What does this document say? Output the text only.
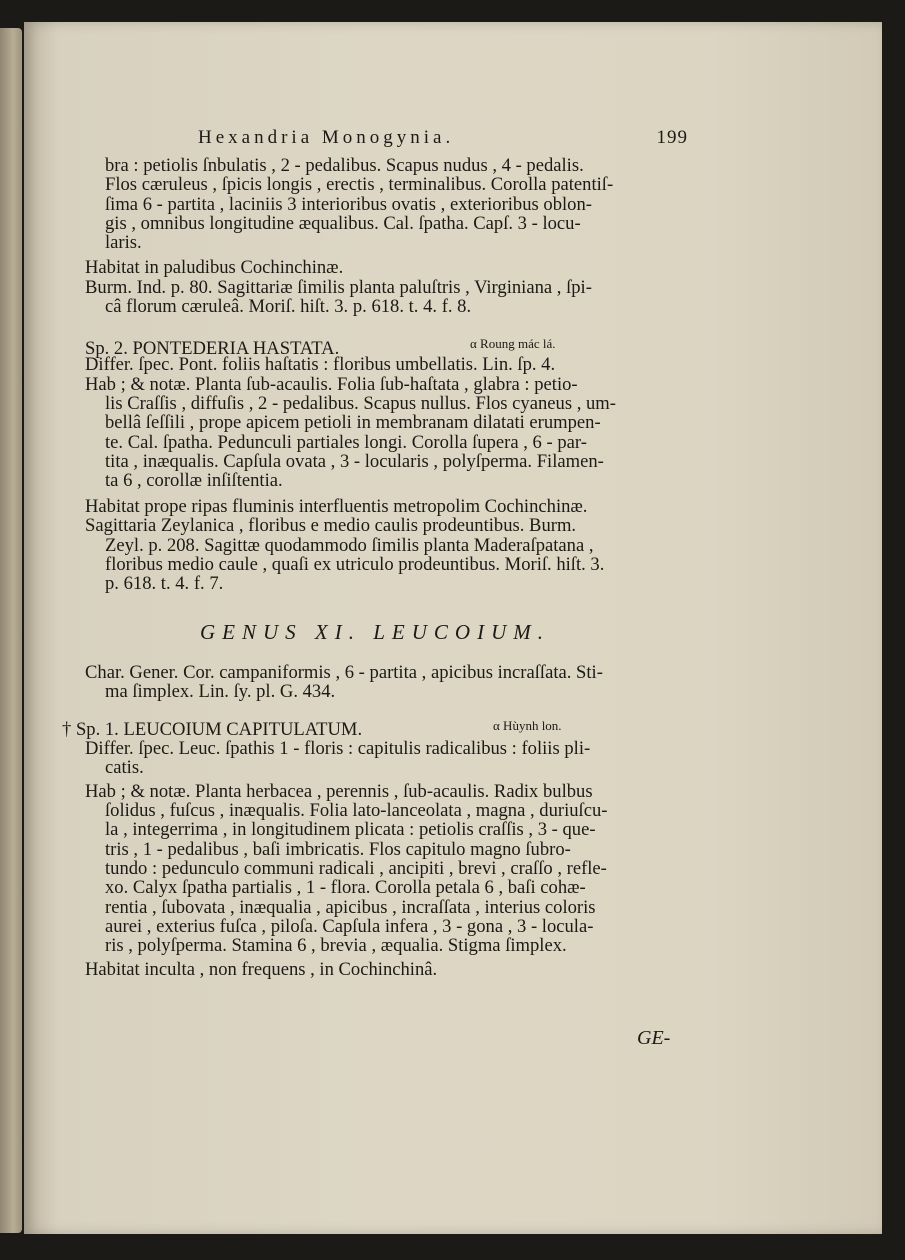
Hexandria Monogynia.	199
bra : petiolis ſnbulatis , 2 - pedalibus. Scapus nudus , 4 - pedalis.
Flos cæruleus , ſpicis longis , erectis , terminalibus. Corolla patentiſ-
ſima 6 - partita , laciniis 3 interioribus ovatis , exterioribus oblon-
gis , omnibus longitudine æqualibus. Cal. ſpatha. Capſ. 3 - locu-
laris.
Habitat in paludibus Cochinchinæ.
Burm. Ind. p. 80. Sagittariæ ſimilis planta paluſtris , Virginiana , ſpi-
câ florum cæruleâ. Moriſ. hiſt. 3. p. 618. t. 4. f. 8.
Sp. 2. PONTEDERIA HASTATA.	α Roung mác lá.
Differ. ſpec. Pont. foliis haſtatis : floribus umbellatis. Lin. ſp. 4.
Hab ; & notæ. Planta ſub-acaulis. Folia ſub-haſtata , glabra : petio-
lis Craſſis , diffuſis , 2 - pedalibus. Scapus nullus. Flos cyaneus , um-
bellâ ſeſſili , prope apicem petioli in membranam dilatati erumpen-
te. Cal. ſpatha. Pedunculi partiales longi. Corolla ſupera , 6 - par-
tita , inæqualis. Capſula ovata , 3 - locularis , polyſperma. Filamen-
ta 6 , corollæ inſiſtentia.
Habitat prope ripas fluminis interfluentis metropolim Cochinchinæ.
Sagittaria Zeylanica , floribus e medio caulis prodeuntibus. Burm.
Zeyl. p. 208. Sagittæ quodammodo ſimilis planta Maderaſpatana ,
floribus medio caule , quaſi ex utriculo prodeuntibus. Moriſ. hiſt. 3.
p. 618. t. 4. f. 7.
GENUS XI. LEUCOIUM.
Char. Gener. Cor. campaniformis , 6 - partita , apicibus incraſſata. Sti-
ma ſimplex. Lin. ſy. pl. G. 434.
† Sp. 1. LEUCOIUM CAPITULATUM.	α Hùynh lon.
Differ. ſpec. Leuc. ſpathis 1 - floris : capitulis radicalibus : foliis pli-
catis.
Hab ; & notæ. Planta herbacea , perennis , ſub-acaulis. Radix bulbus
ſolidus , fuſcus , inæqualis. Folia lato-lanceolata , magna , duriuſcu-
la , integerrima , in longitudinem plicata : petiolis craſſis , 3 - que-
tris , 1 - pedalibus , baſi imbricatis. Flos capitulo magno ſubro-
tundo : pedunculo communi radicali , ancipiti , brevi , craſſo , refle-
xo. Calyx ſpatha partialis , 1 - flora. Corolla petala 6 , baſi cohæ-
rentia , ſubovata , inæqualia , apicibus , incraſſata , interius coloris
aurei , exterius fuſca , piloſa. Capſula infera , 3 - gona , 3 - locula-
ris , polyſperma. Stamina 6 , brevia , æqualia. Stigma ſimplex.
Habitat inculta , non frequens , in Cochinchinâ.
GE-
